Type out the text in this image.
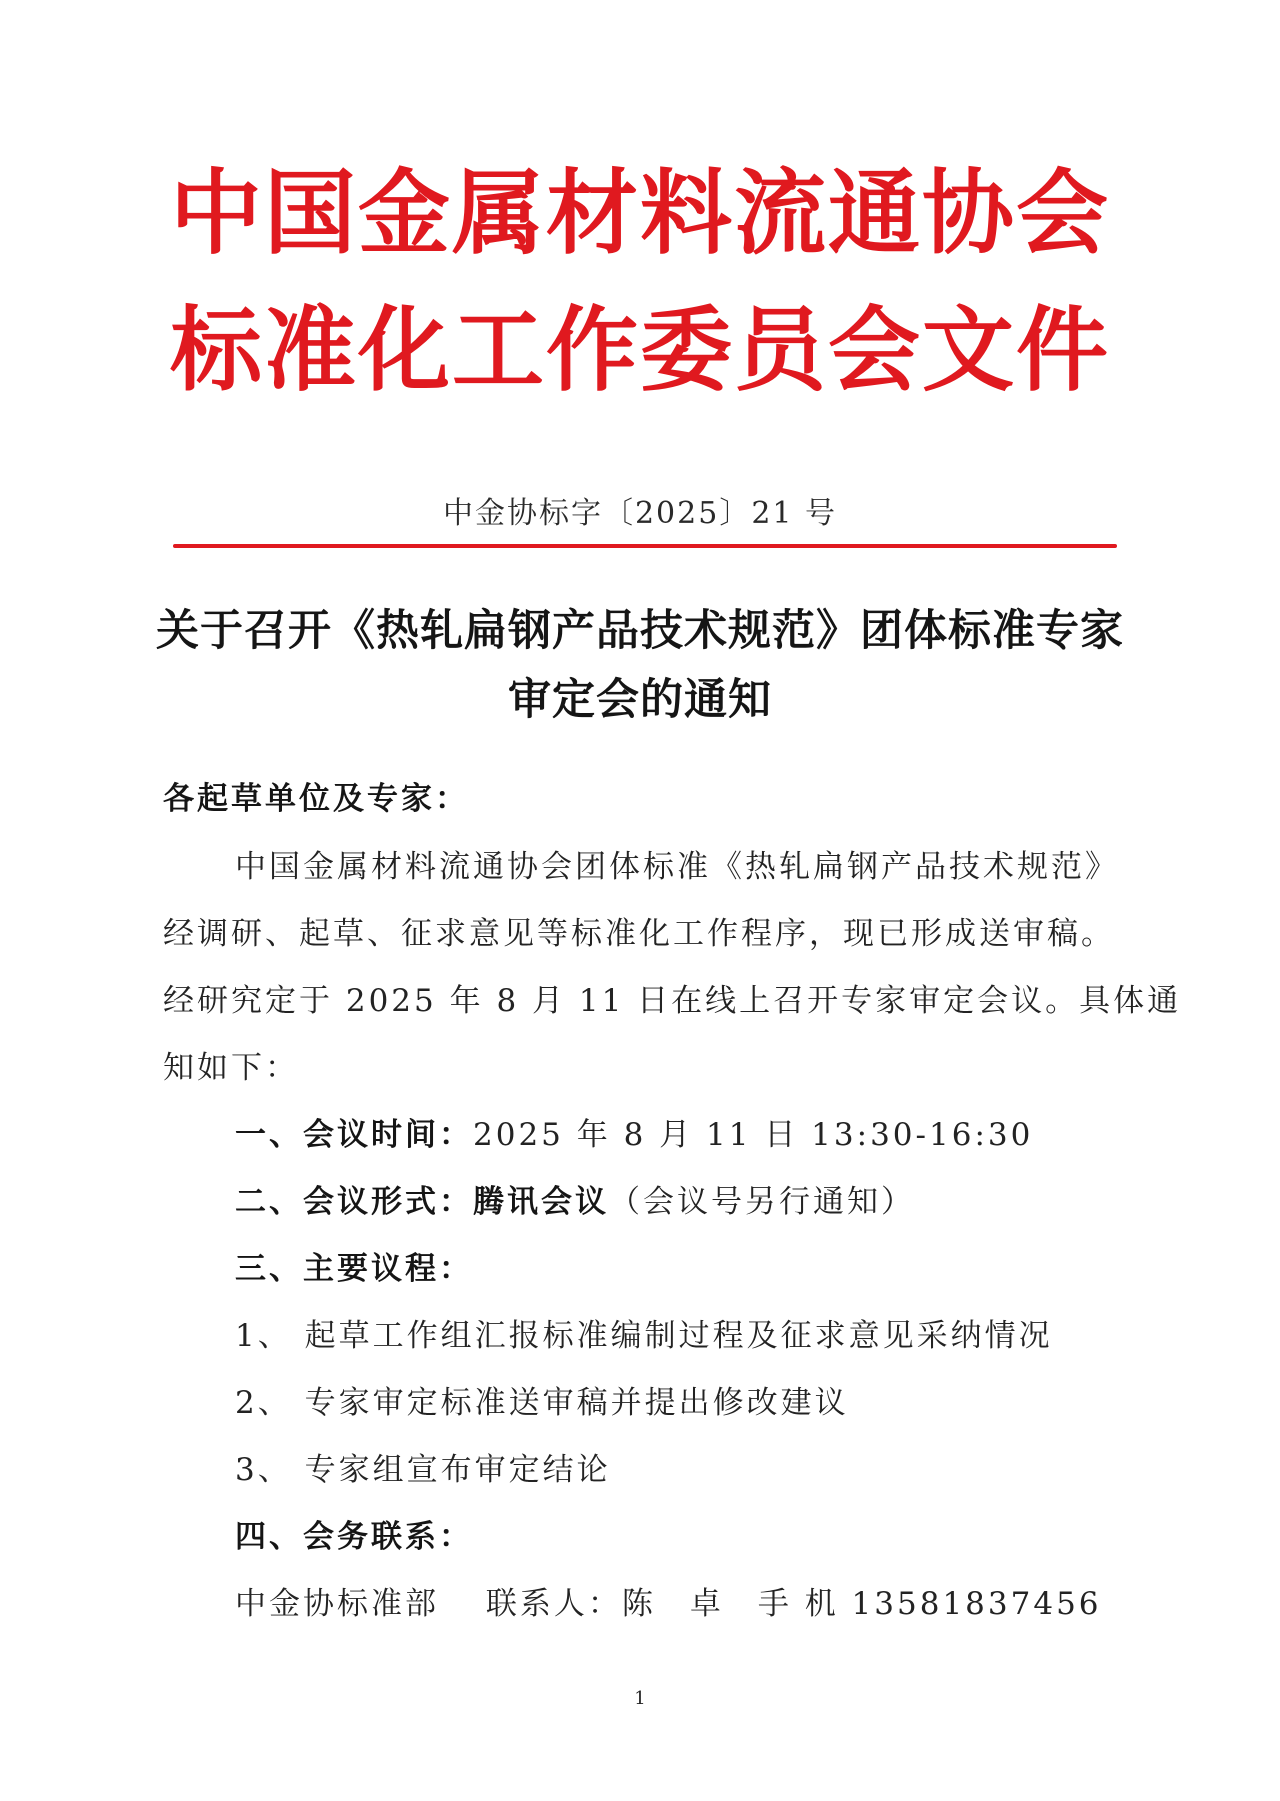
中国金属材料流通协会
标准化工作委员会文件
中金协标字〔2025〕21 号
关于召开《热轧扁钢产品技术规范》团体标准专家
审定会的通知
各起草单位及专家：
中国金属材料流通协会团体标准《热轧扁钢产品技术规范》
经调研、起草、征求意见等标准化工作程序，现已形成送审稿。
经研究定于 2025 年 8 月 11 日在线上召开专家审定会议。具体通
知如下：
一、会议时间：2025 年 8 月 11 日 13:30-16:30
二、会议形式：腾讯会议（会议号另行通知）
三、主要议程：
1、 起草工作组汇报标准编制过程及征求意见采纳情况
2、 专家审定标准送审稿并提出修改建议
3、 专家组宣布审定结论
四、会务联系：
中金协标准部　 联系人：陈　卓　手 机 13581837456
1
